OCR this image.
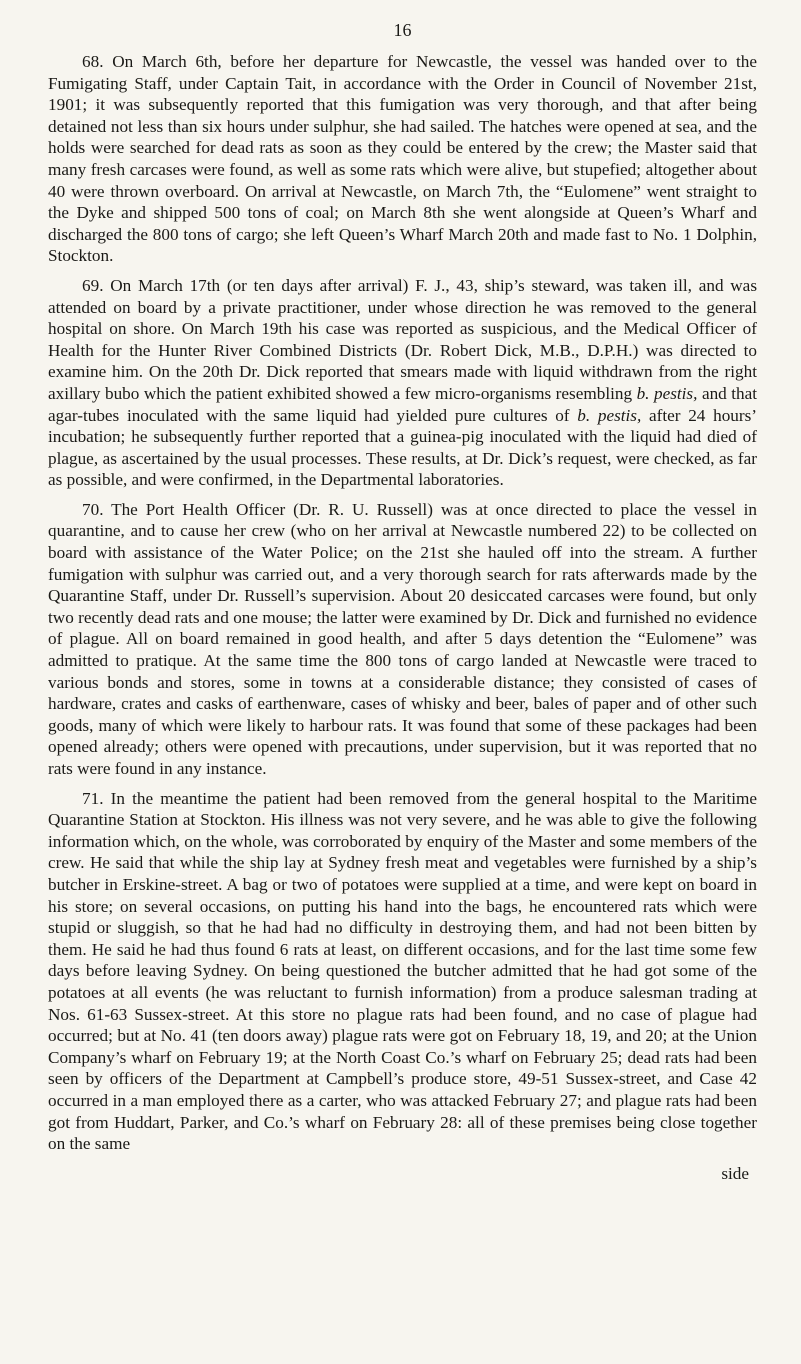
16

68. On March 6th, before her departure for Newcastle, the vessel was handed over to the Fumigating Staff, under Captain Tait, in accordance with the Order in Council of November 21st, 1901; it was subsequently reported that this fumigation was very thorough, and that after being detained not less than six hours under sulphur, she had sailed. The hatches were opened at sea, and the holds were searched for dead rats as soon as they could be entered by the crew; the Master said that many fresh carcases were found, as well as some rats which were alive, but stupefied; altogether about 40 were thrown overboard. On arrival at Newcastle, on March 7th, the “Eulomene” went straight to the Dyke and shipped 500 tons of coal; on March 8th she went alongside at Queen’s Wharf and discharged the 800 tons of cargo; she left Queen’s Wharf March 20th and made fast to No. 1 Dolphin, Stockton.

69. On March 17th (or ten days after arrival) F. J., 43, ship’s steward, was taken ill, and was attended on board by a private practitioner, under whose direction he was removed to the general hospital on shore. On March 19th his case was reported as suspicious, and the Medical Officer of Health for the Hunter River Combined Districts (Dr. Robert Dick, M.B., D.P.H.) was directed to examine him. On the 20th Dr. Dick reported that smears made with liquid withdrawn from the right axillary bubo which the patient exhibited showed a few micro-organisms resembling b. pestis, and that agar-tubes inoculated with the same liquid had yielded pure cultures of b. pestis, after 24 hours’ incubation; he subsequently further reported that a guinea-pig inoculated with the liquid had died of plague, as ascertained by the usual processes. These results, at Dr. Dick’s request, were checked, as far as possible, and were confirmed, in the Departmental laboratories.

70. The Port Health Officer (Dr. R. U. Russell) was at once directed to place the vessel in quarantine, and to cause her crew (who on her arrival at Newcastle numbered 22) to be collected on board with assistance of the Water Police; on the 21st she hauled off into the stream. A further fumigation with sulphur was carried out, and a very thorough search for rats afterwards made by the Quarantine Staff, under Dr. Russell’s supervision. About 20 desiccated carcases were found, but only two recently dead rats and one mouse; the latter were examined by Dr. Dick and furnished no evidence of plague. All on board remained in good health, and after 5 days detention the “Eulomene” was admitted to pratique. At the same time the 800 tons of cargo landed at Newcastle were traced to various bonds and stores, some in towns at a considerable distance; they consisted of cases of hardware, crates and casks of earthenware, cases of whisky and beer, bales of paper and of other such goods, many of which were likely to harbour rats. It was found that some of these packages had been opened already; others were opened with precautions, under supervision, but it was reported that no rats were found in any instance.

71. In the meantime the patient had been removed from the general hospital to the Maritime Quarantine Station at Stockton. His illness was not very severe, and he was able to give the following information which, on the whole, was corroborated by enquiry of the Master and some members of the crew. He said that while the ship lay at Sydney fresh meat and vegetables were furnished by a ship’s butcher in Erskine-street. A bag or two of potatoes were supplied at a time, and were kept on board in his store; on several occasions, on putting his hand into the bags, he encountered rats which were stupid or sluggish, so that he had had no difficulty in destroying them, and had not been bitten by them. He said he had thus found 6 rats at least, on different occasions, and for the last time some few days before leaving Sydney. On being questioned the butcher admitted that he had got some of the potatoes at all events (he was reluctant to furnish information) from a produce salesman trading at Nos. 61-63 Sussex-street. At this store no plague rats had been found, and no case of plague had occurred; but at No. 41 (ten doors away) plague rats were got on February 18, 19, and 20; at the Union Company’s wharf on February 19; at the North Coast Co.’s wharf on February 25; dead rats had been seen by officers of the Department at Campbell’s produce store, 49-51 Sussex-street, and Case 42 occurred in a man employed there as a carter, who was attacked February 27; and plague rats had been got from Huddart, Parker, and Co.’s wharf on February 28: all of these premises being close together on the same

side
